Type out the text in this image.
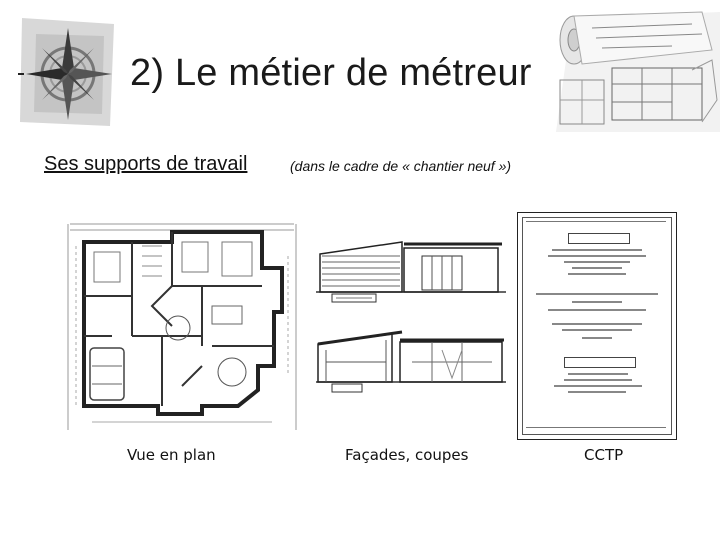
2) Le métier de métreur
Ses supports de travail	(dans le cadre de « chantier neuf »)
Vue en plan	Façades, coupes	CCTP
